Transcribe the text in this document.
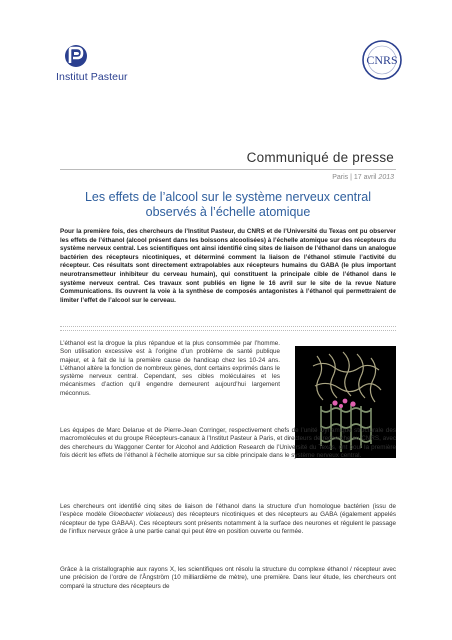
Institut Pasteur
CNRS
Communiqué de presse
Paris | 17 avril 2013
Les effets de l’alcool sur le système nerveux central observés à l’échelle atomique
Pour la première fois, des chercheurs de l’Institut Pasteur, du CNRS et de l’Université du Texas ont pu observer les effets de l’éthanol (alcool présent dans les boissons alcoolisées) à l’échelle atomique sur des récepteurs du système nerveux central. Les scientifiques ont ainsi identifié cinq sites de liaison de l’éthanol dans un analogue bactérien des récepteurs nicotiniques, et déterminé comment la liaison de l’éthanol stimule l’activité du récepteur. Ces résultats sont directement extrapolables aux récepteurs humains du GABA (le plus important neurotransmetteur inhibiteur du cerveau humain), qui constituent la principale cible de l’éthanol dans le système nerveux central. Ces travaux sont publiés en ligne le 16 avril sur le site de la revue Nature Communications. Ils ouvrent la voie à la synthèse de composés antagonistes à l’éthanol qui permettraient de limiter l’effet de l’alcool sur le cerveau.
L’éthanol est la drogue la plus répandue et la plus consommée par l’homme. Son utilisation excessive est à l’origine d’un problème de santé publique majeur, et à fait de lui la première cause de handicap chez les 10-24 ans. L’éthanol altère la fonction de nombreux gènes, dont certains exprimés dans le système nerveux central. Cependant, ses cibles moléculaires et les mécanismes d’action qu’il engendre demeurent aujourd’hui largement méconnus.
Les équipes de Marc Delarue et de Pierre-Jean Corringer, respectivement chefs de l’unité Dynamique structurale des macromolécules et du groupe Récepteurs-canaux à l’Institut Pasteur à Paris, et directeurs de recherche au CNRS, avec des chercheurs du Waggoner Center for Alcohol and Addiction Research de l’Université du Texas, ont pour la première fois décrit les effets de l’éthanol à l’échelle atomique sur sa cible principale dans le système nerveux central.
Les chercheurs ont identifié cinq sites de liaison de l’éthanol dans la structure d’un homologue bactérien (issu de l’espèce modèle Gloeobacter violaceus) des récepteurs nicotiniques et des récepteurs au GABA (également appelés récepteur de type GABAA). Ces récepteurs sont présents notamment à la surface des neurones et régulent le passage de l’influx nerveux grâce à une partie canal qui peut être en position ouverte ou fermée.
Grâce à la cristallographie aux rayons X, les scientifiques ont résolu la structure du complexe éthanol / récepteur avec une précision de l’ordre de l’Ångström (10 milliardième de mètre), une première. Dans leur étude, les chercheurs ont comparé la structure des récepteurs de
